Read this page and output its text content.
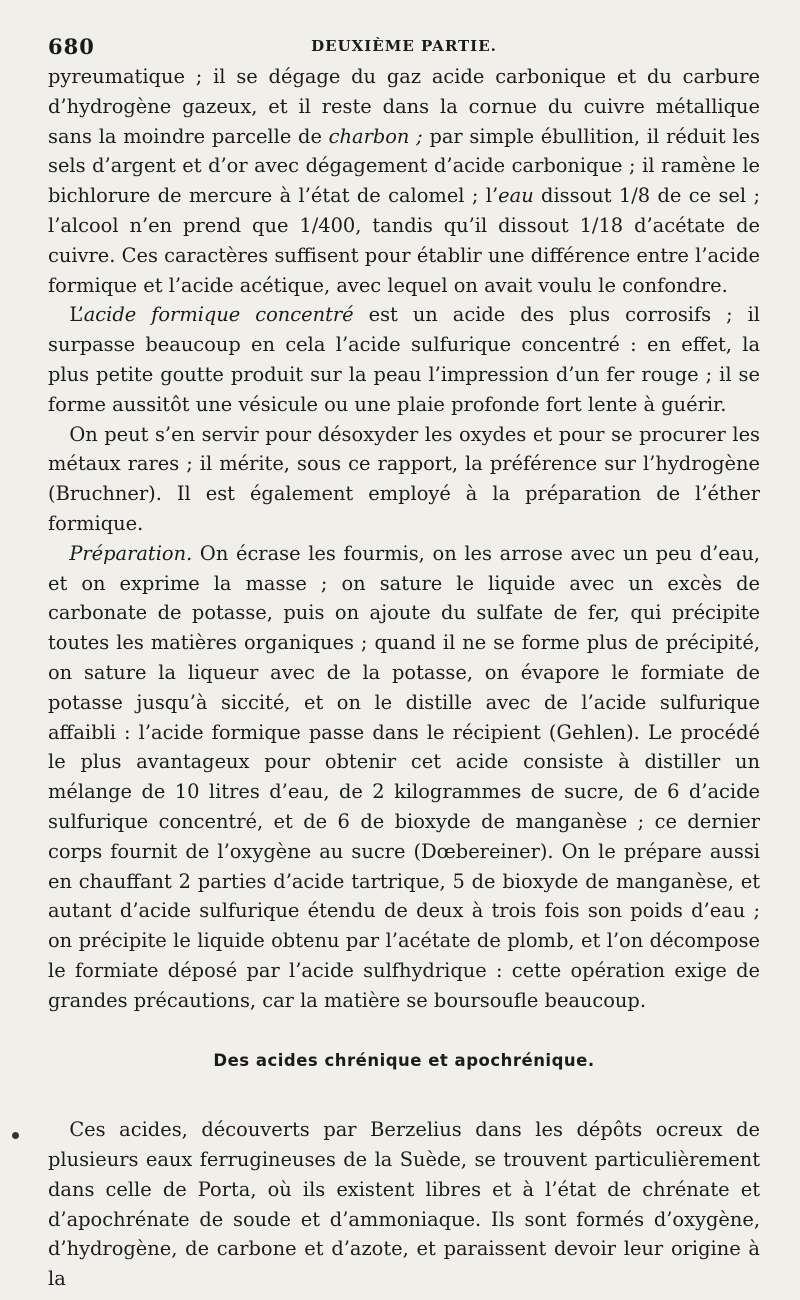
680	DEUXIÈME PARTIE.

pyreumatique ; il se dégage du gaz acide carbonique et du carbure d’hydrogène gazeux, et il reste dans la cornue du cuivre métallique sans la moindre parcelle de charbon ; par simple ébullition, il réduit les sels d’argent et d’or avec dégagement d’acide carbonique ; il ramène le bichlorure de mercure à l’état de calomel ; l’eau dissout 1/8 de ce sel ; l’alcool n’en prend que 1/400, tandis qu’il dissout 1/18 d’acétate de cuivre. Ces caractères suffisent pour établir une différence entre l’acide formique et l’acide acétique, avec lequel on avait voulu le confondre.

L’acide formique concentré est un acide des plus corrosifs ; il surpasse beaucoup en cela l’acide sulfurique concentré : en effet, la plus petite goutte produit sur la peau l’impression d’un fer rouge ; il se forme aussitôt une vésicule ou une plaie profonde fort lente à guérir.

On peut s’en servir pour désoxyder les oxydes et pour se procurer les métaux rares ; il mérite, sous ce rapport, la préférence sur l’hydrogène (Bruchner). Il est également employé à la préparation de l’éther formique.

Préparation. On écrase les fourmis, on les arrose avec un peu d’eau, et on exprime la masse ; on sature le liquide avec un excès de carbonate de potasse, puis on ajoute du sulfate de fer, qui précipite toutes les matières organiques ; quand il ne se forme plus de précipité, on sature la liqueur avec de la potasse, on évapore le formiate de potasse jusqu’à siccité, et on le distille avec de l’acide sulfurique affaibli : l’acide formique passe dans le récipient (Gehlen). Le procédé le plus avantageux pour obtenir cet acide consiste à distiller un mélange de 10 litres d’eau, de 2 kilogrammes de sucre, de 6 d’acide sulfurique concentré, et de 6 de bioxyde de manganèse ; ce dernier corps fournit de l’oxygène au sucre (Dœbereiner). On le prépare aussi en chauffant 2 parties d’acide tartrique, 5 de bioxyde de manganèse, et autant d’acide sulfurique étendu de deux à trois fois son poids d’eau ; on précipite le liquide obtenu par l’acétate de plomb, et l’on décompose le formiate déposé par l’acide sulfhydrique : cette opération exige de grandes précautions, car la matière se boursoufle beaucoup.

Des acides chrénique et apochrénique.

Ces acides, découverts par Berzelius dans les dépôts ocreux de plusieurs eaux ferrugineuses de la Suède, se trouvent particulièrement dans celle de Porta, où ils existent libres et à l’état de chrénate et d’apochrénate de soude et d’ammoniaque. Ils sont formés d’oxygène, d’hydrogène, de carbone et d’azote, et paraissent devoir leur origine à la
